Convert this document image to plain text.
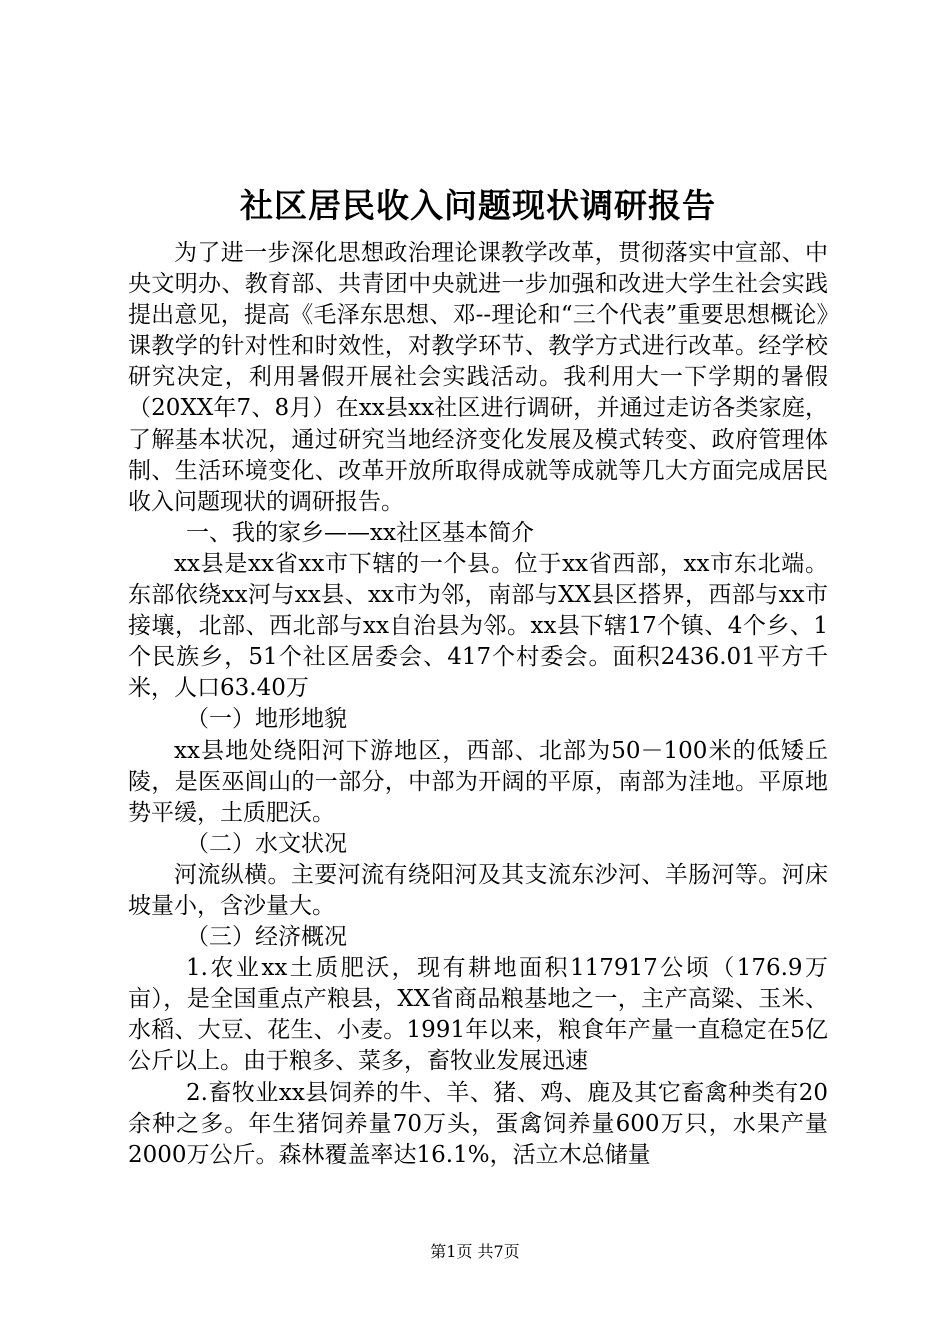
社区居民收入问题现状调研报告

为了进一步深化思想政治理论课教学改革，贯彻落实中宣部、中央文明办、教育部、共青团中央就进一步加强和改进大学生社会实践提出意见，提高《毛泽东思想、邓--理论和“三个代表”重要思想概论》课教学的针对性和时效性，对教学环节、教学方式进行改革。经学校研究决定，利用暑假开展社会实践活动。我利用大一下学期的暑假（20XX年7、8月）在xx县xx社区进行调研，并通过走访各类家庭，了解基本状况，通过研究当地经济变化发展及模式转变、政府管理体制、生活环境变化、改革开放所取得成就等成就等几大方面完成居民收入问题现状的调研报告。

一、我的家乡——xx社区基本简介

xx县是xx省xx市下辖的一个县。位于xx省西部，xx市东北端。东部依绕xx河与xx县、xx市为邻，南部与XX县区搭界，西部与xx市接壤，北部、西北部与xx自治县为邻。xx县下辖17个镇、4个乡、1个民族乡，51个社区居委会、417个村委会。面积2436.01平方千米，人口63.40万

（一）地形地貌

xx县地处绕阳河下游地区，西部、北部为50－100米的低矮丘陵，是医巫闾山的一部分，中部为开阔的平原，南部为洼地。平原地势平缓，土质肥沃。

（二）水文状况

河流纵横。主要河流有绕阳河及其支流东沙河、羊肠河等。河床坡量小，含沙量大。

（三）经济概况

1.农业xx土质肥沃，现有耕地面积117917公顷（176.9万亩），是全国重点产粮县，XX省商品粮基地之一，主产高粱、玉米、水稻、大豆、花生、小麦。1991年以来，粮食年产量一直稳定在5亿公斤以上。由于粮多、菜多，畜牧业发展迅速

2.畜牧业xx县饲养的牛、羊、猪、鸡、鹿及其它畜禽种类有20余种之多。年生猪饲养量70万头，蛋禽饲养量600万只，水果产量2000万公斤。森林覆盖率达16.1%，活立木总储量

第1页 共7页
